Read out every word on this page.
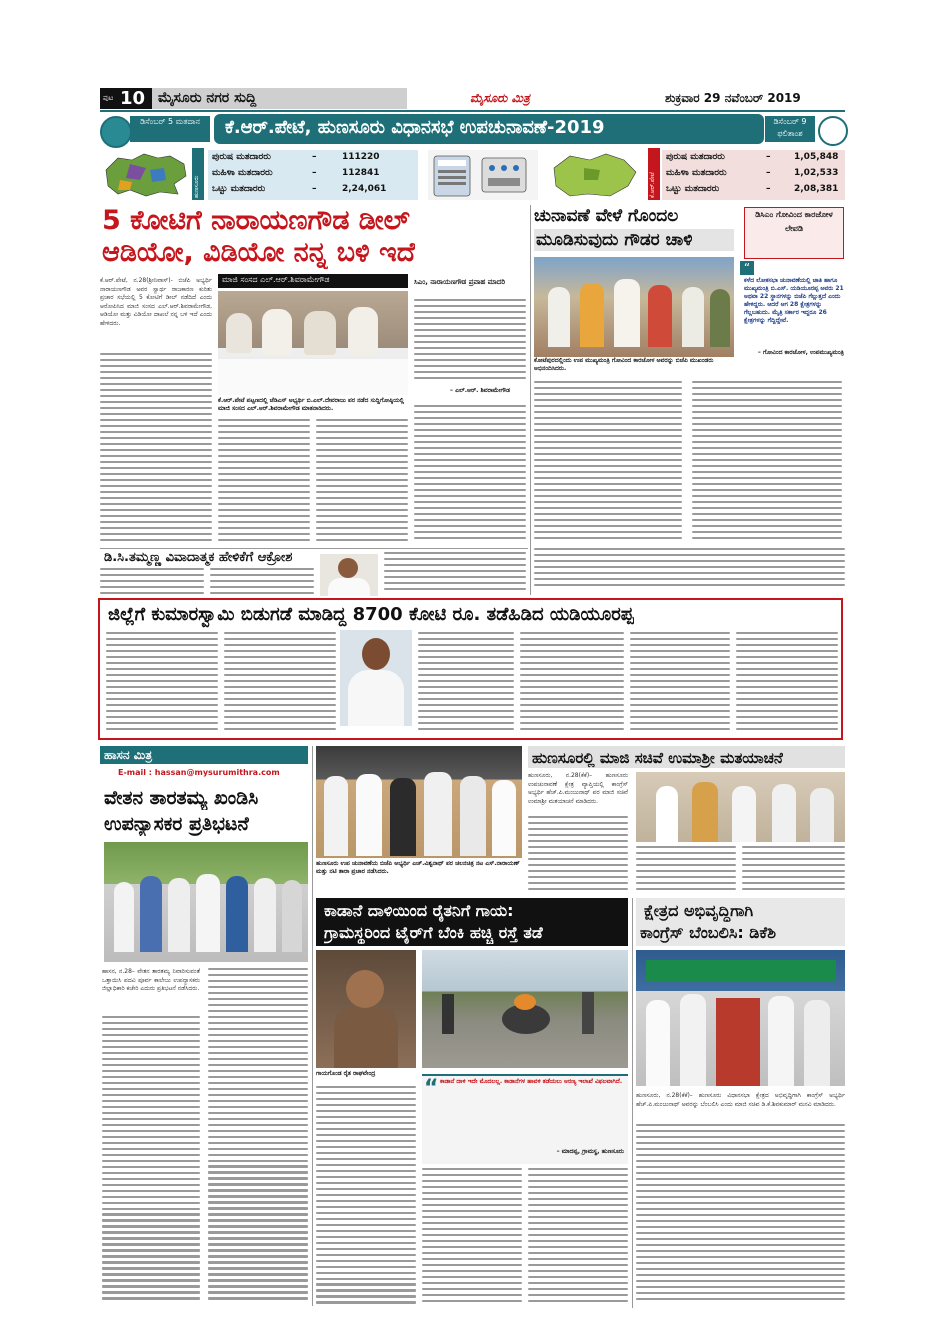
ಪುಟ 10 ಮೈಸೂರು ನಗರ ಸುದ್ದಿ	ಮೈಸೂರು ಮಿತ್ರ	ಶುಕ್ರವಾರ 29 ನವೆಂಬರ್ 2019
ಡಿಸೆಂಬರ್ 5 ಮತದಾನ	ಕೆ.ಆರ್.ಪೇಟೆ, ಹುಣಸೂರು ವಿಧಾನಸಭೆ ಉಪಚುನಾವಣೆ-2019	ಡಿಸೆಂಬರ್ 9 ಫಲಿತಾಂಶ
ಹುಣಸೂರು
ಪುರುಷ ಮತದಾರರು	–	111220
ಮಹಿಳಾ ಮತದಾರರು	–	112841
ಒಟ್ಟು ಮತದಾರರು	–	2,24,061	ಕೆ.ಆರ್.ಪೇಟೆ
ಪುರುಷ ಮತದಾರರು	–	1,05,848
ಮಹಿಳಾ ಮತದಾರರು	–	1,02,533
ಒಟ್ಟು ಮತದಾರರು	–	2,08,381
5 ಕೋಟಿಗೆ ನಾರಾಯಣಗೌಡ ಡೀಲ್
ಆಡಿಯೋ, ವಿಡಿಯೋ ನನ್ನ ಬಳಿ ಇದೆ
ಮಾಜಿ ಸಂಸದ ಎಲ್.ಆರ್.ಶಿವರಾಮೇಗೌಡ
ಕೆ.ಆರ್.ಪೇಟೆ, ನ.28(ಶ್ರೀನಿವಾಸ್)- ಬಿಜೆಪಿ ಅಭ್ಯರ್ಥಿ ನಾರಾಯಣಗೌಡ ಅವರ ಸ್ವಾರ್ಥ ರಾಜಕಾರಣ ಕುರಿತು ಪ್ರಚಾರ ಸಭೆಯಲ್ಲಿ 5 ಕೋಟಿಗೆ ಡೀಲ್ ನಡೆದಿದೆ ಎಂದು ಆರೋಪಿಸಿದ ಮಾಜಿ ಸಂಸದ ಎಲ್.ಆರ್.ಶಿವರಾಮೇಗೌಡ, ಆಡಿಯೋ ಮತ್ತು ವಿಡಿಯೋ ದಾಖಲೆ ನನ್ನ ಬಳಿ ಇದೆ ಎಂದು ಹೇಳಿದರು.
ಕೆ.ಆರ್.ಪೇಟೆ ಪಟ್ಟಣದಲ್ಲಿ ಜೆಡಿಎಸ್ ಅಭ್ಯರ್ಥಿ ಬಿ.ಎಲ್.ದೇವರಾಜು ಪರ ನಡೆದ ಸುದ್ದಿಗೋಷ್ಠಿಯಲ್ಲಿ ಮಾಜಿ ಸಂಸದ ಎಲ್.ಆರ್.ಶಿವರಾಮೇಗೌಡ ಮಾತನಾಡಿದರು.
ಸಿಎಂ, ನಾರಾಯಣಗೌಡ ಪ್ರವಾಹ ಮಾದರಿ
– ಎಲ್.ಆರ್. ಶಿವರಾಮೇಗೌಡ
ಚುನಾವಣೆ ವೇಳೆ ಗೊಂದಲ
ಮೂಡಿಸುವುದು ಗೌಡರ ಚಾಳಿ
ಡಿಸಿಎಂ ಗೋವಿಂದ ಕಾರಜೋಳ ಲೇವಡಿ
ಕೋಟೆಪುರದಲ್ಲಿಂದು ಉಪ ಮುಖ್ಯಮಂತ್ರಿ ಗೋವಿಂದ ಕಾರಜೋಳ ಅವರನ್ನು ಬಿಜೆಪಿ ಮುಖಂಡರು ಅಭಿನಂದಿಸಿದರು.
“
ಕಳೆದ ಲೋಕಸಭಾ ಚುನಾವಣೆಯಲ್ಲಿ ಜಾತಿ ಹಾಗೂ ಮುಖ್ಯಮಂತ್ರಿ ಬಿ.ಎಸ್. ಯಡಿಯೂರಪ್ಪ ಅವರು 21 ಅಥವಾ 22 ಸ್ಥಾನಗಳನ್ನು ಬಿಜೆಪಿ ಗೆಲ್ಲುತ್ತದೆ ಎಂದು ಹೇಳಿದ್ದರು. ಆದರೆ ಆಗ 28 ಕ್ಷೇತ್ರಗಳನ್ನು ಗೆಲ್ಲಬಹುದು. ಮೈತ್ರಿ ಸರ್ಕಾರ ಇದ್ದರೂ 26 ಕ್ಷೇತ್ರಗಳನ್ನು ಗೆದ್ದಿದ್ದೇವೆ.
– ಗೋವಿಂದ ಕಾರಜೋಳ, ಉಪಮುಖ್ಯಮಂತ್ರಿ
ಡಿ.ಸಿ.ತಮ್ಮಣ್ಣ ವಿವಾದಾತ್ಮಕ ಹೇಳಿಕೆಗೆ ಆಕ್ರೋಶ
ಜಿಲ್ಲೆಗೆ ಕುಮಾರಸ್ವಾಮಿ ಬಿಡುಗಡೆ ಮಾಡಿದ್ದ 8700 ಕೋಟಿ ರೂ. ತಡೆಹಿಡಿದ ಯಡಿಯೂರಪ್ಪ
ಹಾಸನ ಮಿತ್ರ
E-mail : hassan@mysurumithra.com
ವೇತನ ತಾರತಮ್ಯ ಖಂಡಿಸಿ
ಉಪನ್ಯಾಸಕರ ಪ್ರತಿಭಟನೆ
ಹಾಸನ, ನ.28– ವೇತನ ತಾರತಮ್ಯ ನಿವಾರಿಸುವಂತೆ ಒತ್ತಾಯಿಸಿ ಪದವಿ ಪೂರ್ವ ಕಾಲೇಜು ಉಪನ್ಯಾಸಕರು ಜಿಲ್ಲಾಧಿಕಾರಿ ಕಚೇರಿ ಎದುರು ಪ್ರತಿಭಟನೆ ನಡೆಸಿದರು.
ಹುಣಸೂರು ಉಪ ಚುನಾವಣೆಯ ಬಿಜೆಪಿ ಅಭ್ಯರ್ಥಿ ಎಚ್.ವಿಶ್ವನಾಥ್ ಪರ ಚಲನಚಿತ್ರ ನಟ ಎಸ್.ನಾರಾಯಣ್ ಮತ್ತು ನಟಿ ತಾರಾ ಪ್ರಚಾರ ನಡೆಸಿದರು.
ಹುಣಸೂರಲ್ಲಿ ಮಾಜಿ ಸಚಿವೆ ಉಮಾಶ್ರೀ ಮತಯಾಚನೆ
ಹುಣಸೂರು, ನ.28(ಕೆಕೆ)– ಹುಣಸೂರು ಉಪಚುನಾವಣೆ ಕ್ಷೇತ್ರ ವ್ಯಾಪ್ತಿಯಲ್ಲಿ ಕಾಂಗ್ರೆಸ್ ಅಭ್ಯರ್ಥಿ ಹೆಚ್.ಪಿ.ಮಂಜುನಾಥ್ ಪರ ಮಾಜಿ ಸಚಿವೆ ಉಮಾಶ್ರೀ ಮತಯಾಚನೆ ಮಾಡಿದರು.
ಕಾಡಾನೆ ದಾಳಿಯಿಂದ ರೈತನಿಗೆ ಗಾಯ:
ಗ್ರಾಮಸ್ಥರಿಂದ ಟೈರ್‌ಗೆ ಬೆಂಕಿ ಹಚ್ಚಿ ರಸ್ತೆ ತಡೆ
ಗಾಯಗೊಂಡ ರೈತ ರಾಘವೇಂದ್ರ
“ ಕಾಡಾನೆ ದಾಳಿ ಇದೇ ಮೊದಲಲ್ಲ. ಕಾಡಾನೆಗಳ ಹಾವಳಿ ತಡೆಯಲು ಅರಣ್ಯ ಇಲಾಖೆ ವಿಫಲವಾಗಿದೆ.
– ಮಾದಪ್ಪ, ಗ್ರಾಮಸ್ಥ, ಹುಣಸೂರು
ಕ್ಷೇತ್ರದ ಅಭಿವೃದ್ಧಿಗಾಗಿ
ಕಾಂಗ್ರೆಸ್ ಬೆಂಬಲಿಸಿ: ಡಿಕೆಶಿ
ಹುಣಸೂರು, ನ.28(ಕೆಕೆ)– ಹುಣಸೂರು ವಿಧಾನಸಭಾ ಕ್ಷೇತ್ರದ ಅಭಿವೃದ್ಧಿಗಾಗಿ ಕಾಂಗ್ರೆಸ್ ಅಭ್ಯರ್ಥಿ ಹೆಚ್.ಪಿ.ಮಂಜುನಾಥ್ ಅವರನ್ನು ಬೆಂಬಲಿಸಿ ಎಂದು ಮಾಜಿ ಸಚಿವ ಡಿ.ಕೆ.ಶಿವಕುಮಾರ್ ಮನವಿ ಮಾಡಿದರು.
